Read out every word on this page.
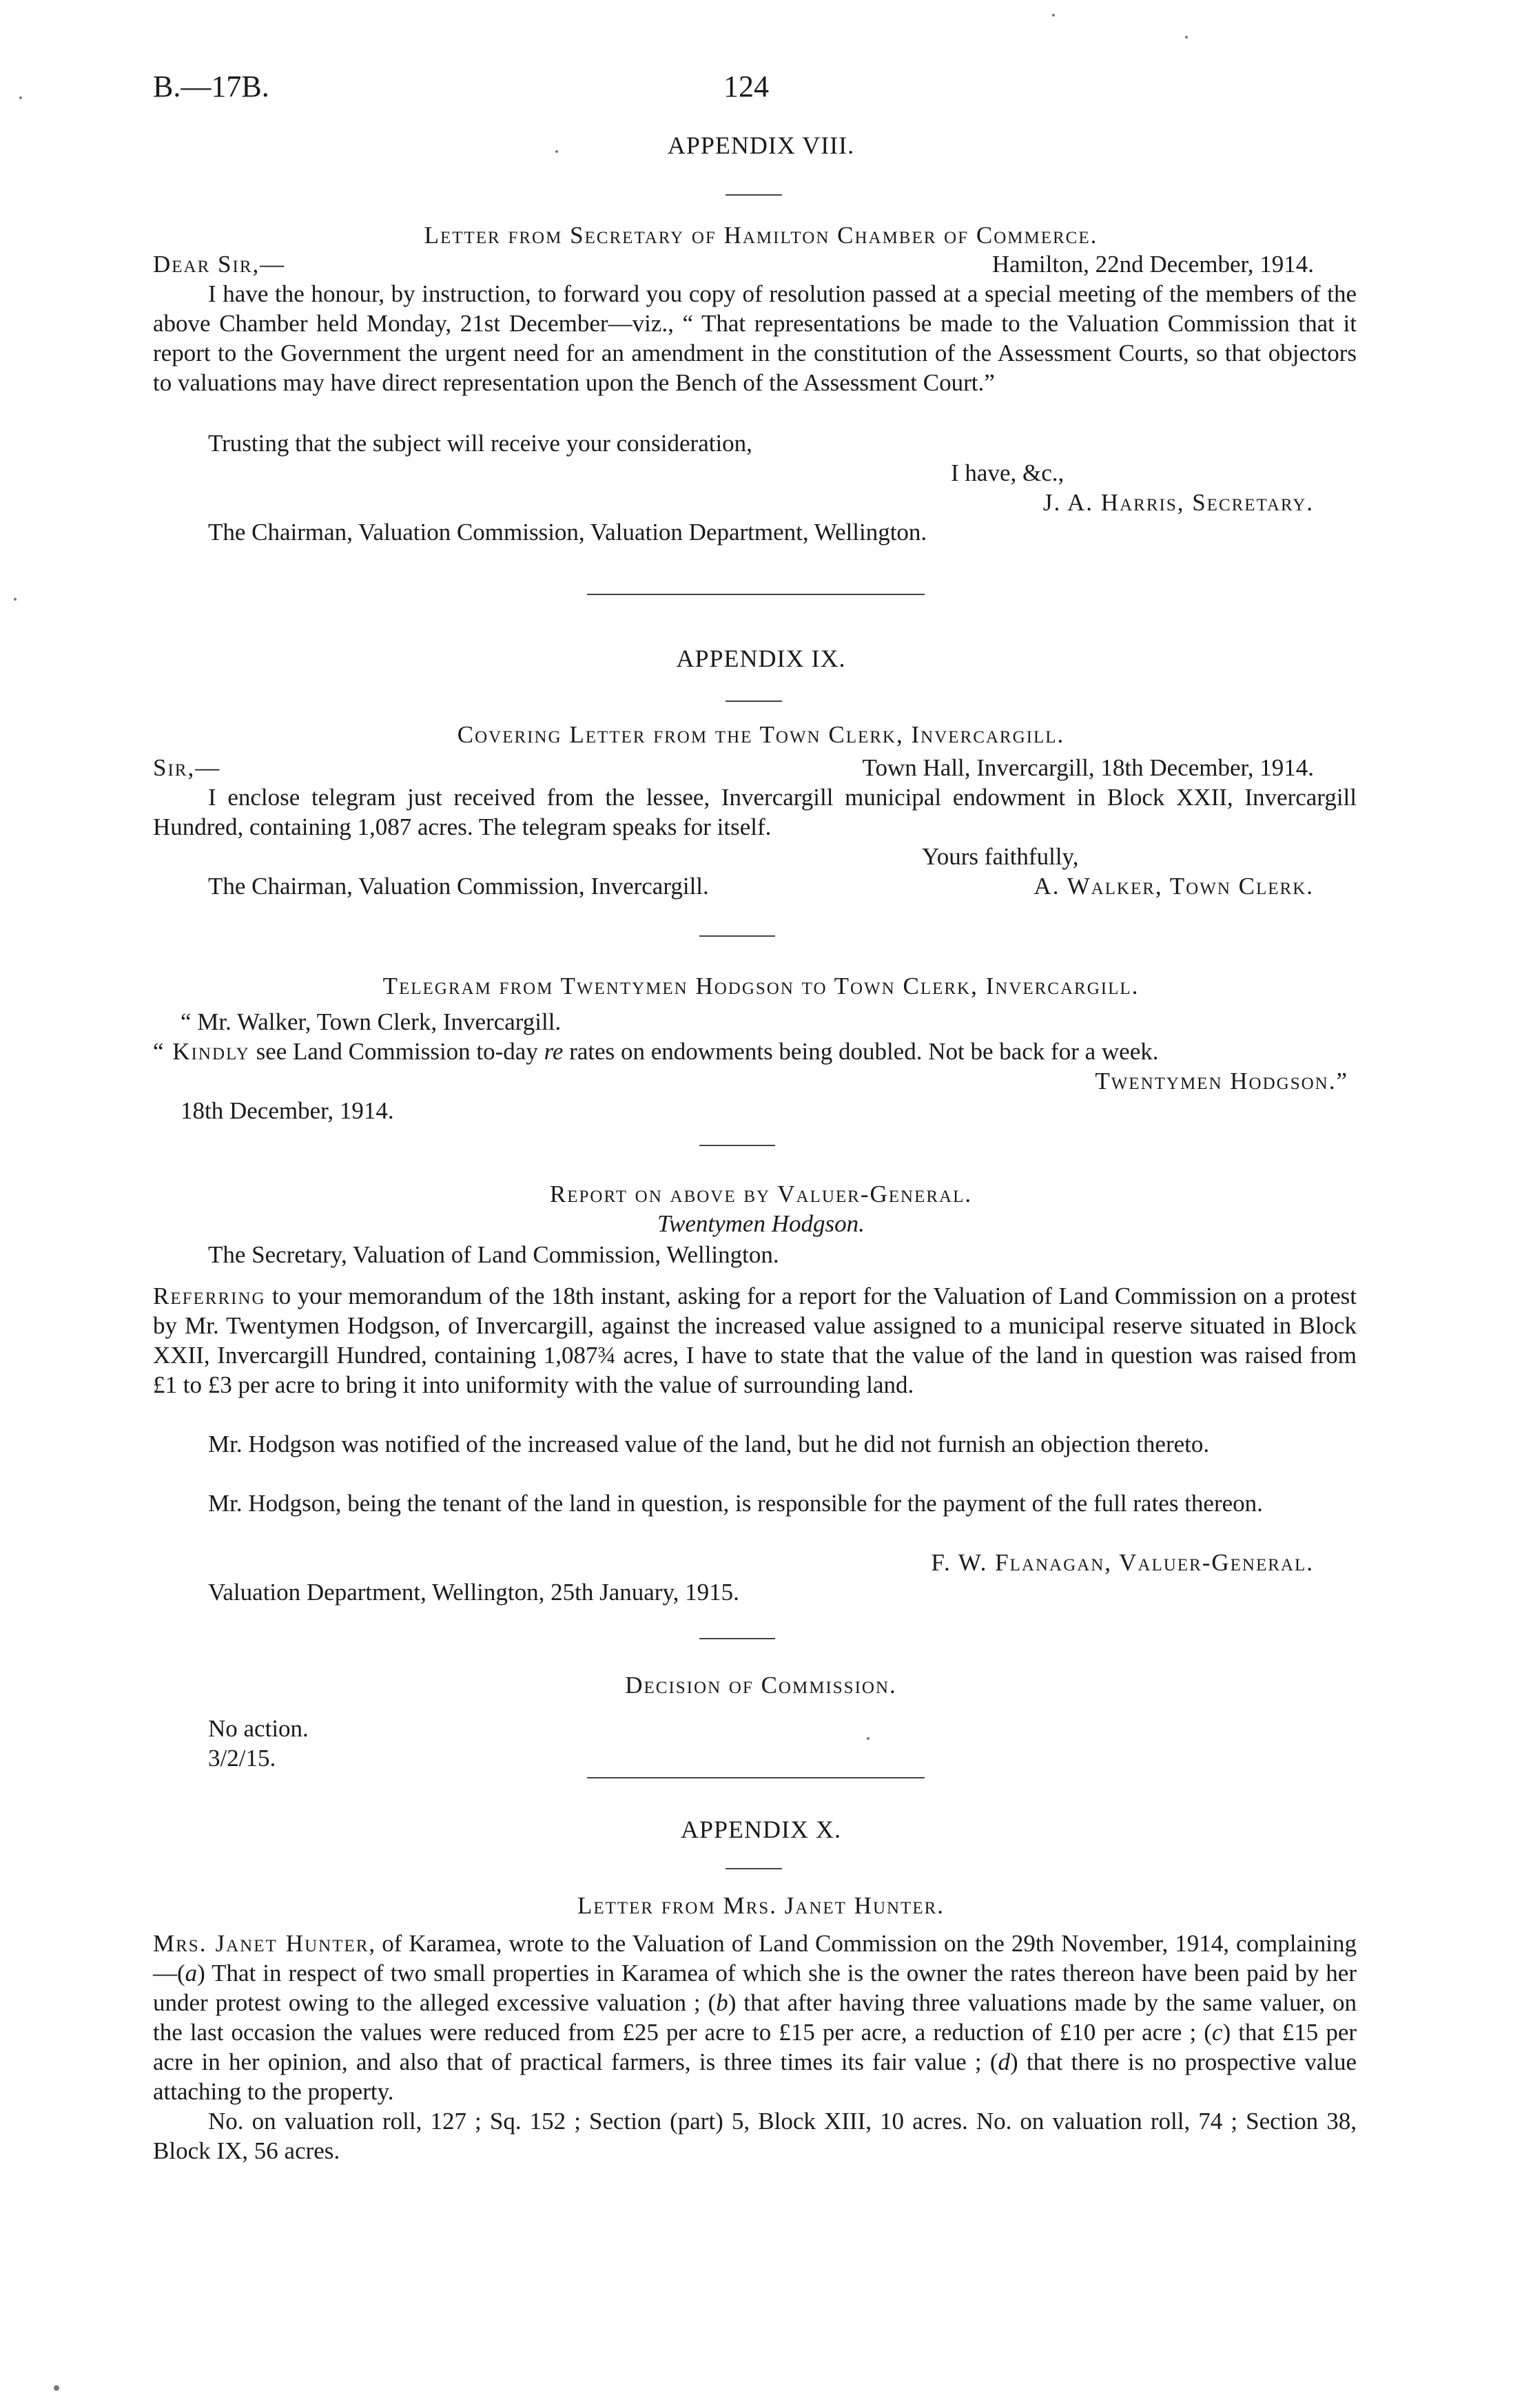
B.—17B.	124
APPENDIX VIII.
Letter from Secretary of Hamilton Chamber of Commerce.
Dear Sir,—	Hamilton, 22nd December, 1914.
I have the honour, by instruction, to forward you copy of resolution passed at a special meeting of the members of the above Chamber held Monday, 21st December—viz., “ That representations be made to the Valuation Commission that it report to the Government the urgent need for an amendment in the constitution of the Assessment Courts, so that objectors to valuations may have direct representation upon the Bench of the Assessment Court.”
Trusting that the subject will receive your consideration,
I have, &c.,
J. A. Harris, Secretary.
The Chairman, Valuation Commission, Valuation Department, Wellington.
APPENDIX IX.
Covering Letter from the Town Clerk, Invercargill.
Sir,—	Town Hall, Invercargill, 18th December, 1914.
I enclose telegram just received from the lessee, Invercargill municipal endowment in Block XXII, Invercargill Hundred, containing 1,087 acres. The telegram speaks for itself.
Yours faithfully,
The Chairman, Valuation Commission, Invercargill.	A. Walker, Town Clerk.
Telegram from Twentymen Hodgson to Town Clerk, Invercargill.
“ Mr. Walker, Town Clerk, Invercargill.
“ Kindly see Land Commission to-day re rates on endowments being doubled. Not be back for a week.
Twentymen Hodgson.”
18th December, 1914.
Report on above by Valuer-General.
Twentymen Hodgson.
The Secretary, Valuation of Land Commission, Wellington.
Referring to your memorandum of the 18th instant, asking for a report for the Valuation of Land Commission on a protest by Mr. Twentymen Hodgson, of Invercargill, against the increased value assigned to a municipal reserve situated in Block XXII, Invercargill Hundred, containing 1,087¾ acres, I have to state that the value of the land in question was raised from £1 to £3 per acre to bring it into uniformity with the value of surrounding land.
Mr. Hodgson was notified of the increased value of the land, but he did not furnish an objection thereto.
Mr. Hodgson, being the tenant of the land in question, is responsible for the payment of the full rates thereon.
F. W. Flanagan, Valuer-General.
Valuation Department, Wellington, 25th January, 1915.
Decision of Commission.
No action.
3/2/15.
APPENDIX X.
Letter from Mrs. Janet Hunter.
Mrs. Janet Hunter, of Karamea, wrote to the Valuation of Land Commission on the 29th November, 1914, complaining—(a) That in respect of two small properties in Karamea of which she is the owner the rates thereon have been paid by her under protest owing to the alleged excessive valuation ; (b) that after having three valuations made by the same valuer, on the last occasion the values were reduced from £25 per acre to £15 per acre, a reduction of £10 per acre ; (c) that £15 per acre in her opinion, and also that of practical farmers, is three times its fair value ; (d) that there is no prospective value attaching to the property.
No. on valuation roll, 127 ; Sq. 152 ; Section (part) 5, Block XIII, 10 acres. No. on valuation roll, 74 ; Section 38, Block IX, 56 acres.
